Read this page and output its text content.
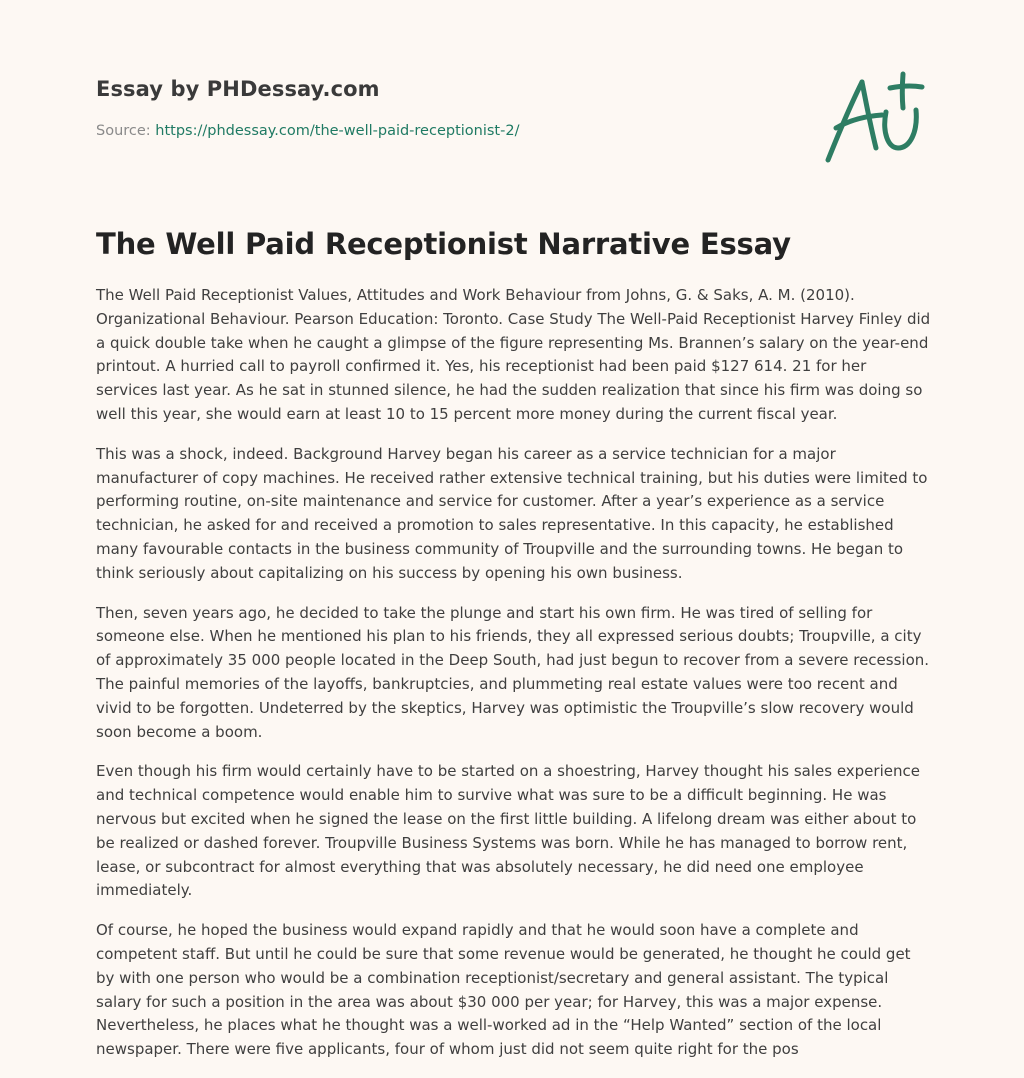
Essay by PHDessay.com

Source: https://phdessay.com/the-well-paid-receptionist-2/

The Well Paid Receptionist Narrative Essay

The Well Paid Receptionist Values, Attitudes and Work Behaviour from Johns, G. & Saks, A. M. (2010). Organizational Behaviour. Pearson Education: Toronto. Case Study The Well-Paid Receptionist Harvey Finley did a quick double take when he caught a glimpse of the figure representing Ms. Brannen’s salary on the year-end printout. A hurried call to payroll confirmed it. Yes, his receptionist had been paid $127 614. 21 for her services last year. As he sat in stunned silence, he had the sudden realization that since his firm was doing so well this year, she would earn at least 10 to 15 percent more money during the current fiscal year.

This was a shock, indeed. Background Harvey began his career as a service technician for a major manufacturer of copy machines. He received rather extensive technical training, but his duties were limited to performing routine, on-site maintenance and service for customer. After a year’s experience as a service technician, he asked for and received a promotion to sales representative. In this capacity, he established many favourable contacts in the business community of Troupville and the surrounding towns. He began to think seriously about capitalizing on his success by opening his own business.

Then, seven years ago, he decided to take the plunge and start his own firm. He was tired of selling for someone else. When he mentioned his plan to his friends, they all expressed serious doubts; Troupville, a city of approximately 35 000 people located in the Deep South, had just begun to recover from a severe recession. The painful memories of the layoffs, bankruptcies, and plummeting real estate values were too recent and vivid to be forgotten. Undeterred by the skeptics, Harvey was optimistic the Troupville’s slow recovery would soon become a boom.

Even though his firm would certainly have to be started on a shoestring, Harvey thought his sales experience and technical competence would enable him to survive what was sure to be a difficult beginning. He was nervous but excited when he signed the lease on the first little building. A lifelong dream was either about to be realized or dashed forever. Troupville Business Systems was born. While he has managed to borrow rent, lease, or subcontract for almost everything that was absolutely necessary, he did need one employee immediately.

Of course, he hoped the business would expand rapidly and that he would soon have a complete and competent staff. But until he could be sure that some revenue would be generated, he thought he could get by with one person who would be a combination receptionist/secretary and general assistant. The typical salary for such a position in the area was about $30 000 per year; for Harvey, this was a major expense. Nevertheless, he places what he thought was a well-worked ad in the “Help Wanted” section of the local newspaper. There were five applicants, four of whom just did not seem quite right for the pos
